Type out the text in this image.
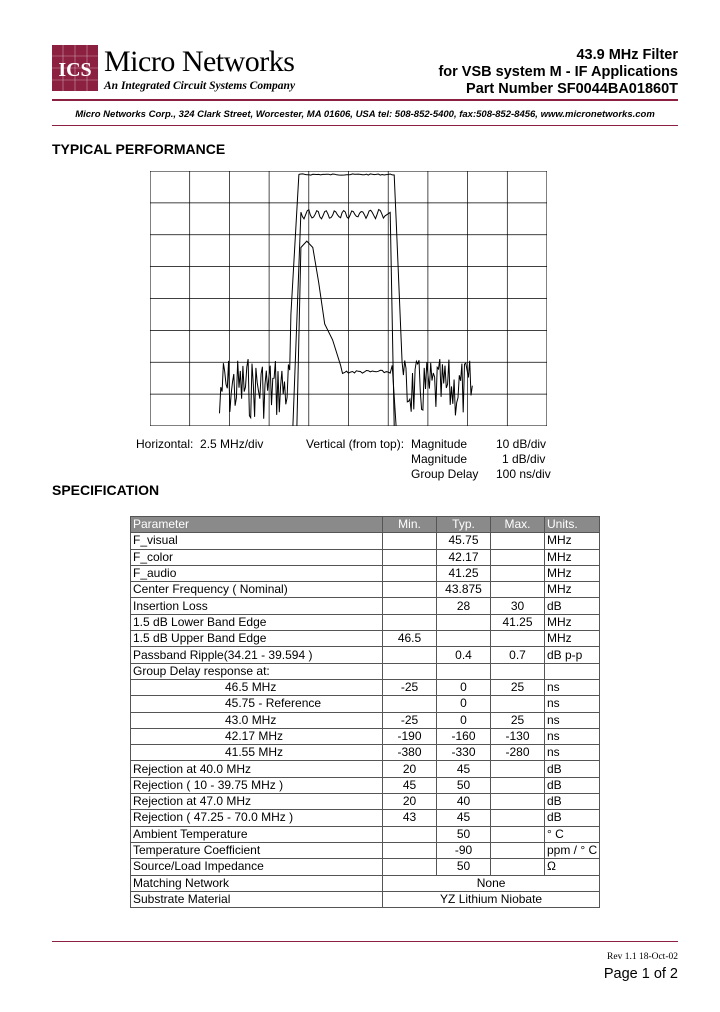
ICS Micro Networks
An Integrated Circuit Systems Company
43.9 MHz Filter
for VSB system M - IF Applications
Part Number SF0044BA01860T
Micro Networks Corp., 324 Clark Street, Worcester, MA 01606, USA tel: 508-852-5400, fax:508-852-8456, www.micronetworks.com
TYPICAL PERFORMANCE
Horizontal: 2.5 MHz/div	Vertical (from top): Magnitude 10 dB/div
Magnitude	1 dB/div
Group Delay 100 ns/div
SPECIFICATION
Parameter	Min.	Typ.	Max.	Units.
F_visual		45.75		MHz
F_color		42.17		MHz
F_audio		41.25		MHz
Center Frequency ( Nominal)		43.875		MHz
Insertion Loss		28	30	dB
1.5 dB Lower Band Edge			41.25	MHz
1.5 dB Upper Band Edge	46.5			MHz
Passband Ripple(34.21 - 39.594 )		0.4	0.7	dB p-p
Group Delay response at:				
46.5 MHz	-25	0	25	ns
45.75 - Reference		0		ns
43.0 MHz	-25	0	25	ns
42.17 MHz	-190	-160	-130	ns
41.55 MHz	-380	-330	-280	ns
Rejection at 40.0 MHz	20	45		dB
Rejection ( 10 - 39.75 MHz )	45	50		dB
Rejection at 47.0 MHz	20	40		dB
Rejection ( 47.25 - 70.0 MHz )	43	45		dB
Ambient Temperature		50		° C
Temperature Coefficient		-90		ppm / ° C
Source/Load Impedance		50		Ω
Matching Network	None			
Substrate Material	YZ Lithium Niobate			
Rev 1.1 18-Oct-02
Page 1 of 2
